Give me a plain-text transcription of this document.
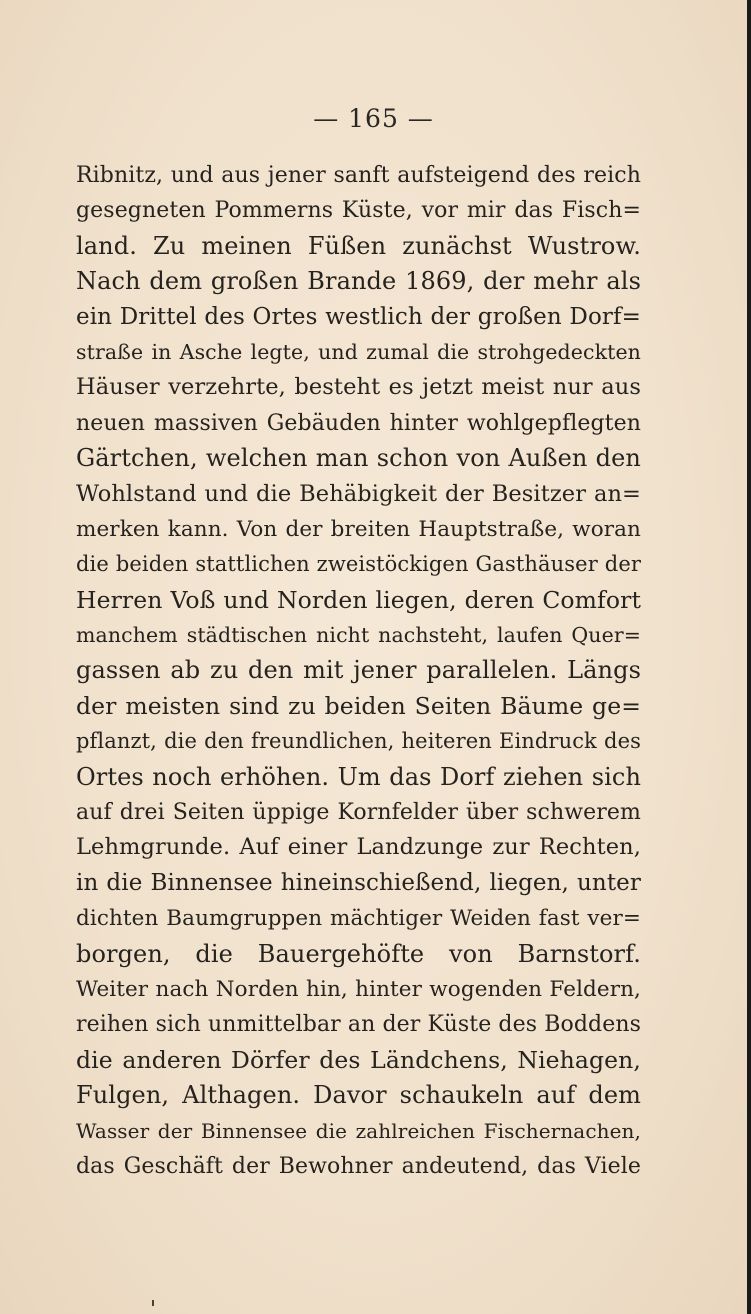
— 165 —
Ribnitz, und aus jener sanft aufsteigend des reich
gesegneten Pommerns Küste, vor mir das Fisch=
land. Zu meinen Füßen zunächst Wustrow.
Nach dem großen Brande 1869, der mehr als
ein Drittel des Ortes westlich der großen Dorf=
straße in Asche legte, und zumal die strohgedeckten
Häuser verzehrte, besteht es jetzt meist nur aus
neuen massiven Gebäuden hinter wohlgepflegten
Gärtchen, welchen man schon von Außen den
Wohlstand und die Behäbigkeit der Besitzer an=
merken kann. Von der breiten Hauptstraße, woran
die beiden stattlichen zweistöckigen Gasthäuser der
Herren Voß und Norden liegen, deren Comfort
manchem städtischen nicht nachsteht, laufen Quer=
gassen ab zu den mit jener parallelen. Längs
der meisten sind zu beiden Seiten Bäume ge=
pflanzt, die den freundlichen, heiteren Eindruck des
Ortes noch erhöhen. Um das Dorf ziehen sich
auf drei Seiten üppige Kornfelder über schwerem
Lehmgrunde. Auf einer Landzunge zur Rechten,
in die Binnensee hineinschießend, liegen, unter
dichten Baumgruppen mächtiger Weiden fast ver=
borgen, die Bauergehöfte von Barnstorf.
Weiter nach Norden hin, hinter wogenden Feldern,
reihen sich unmittelbar an der Küste des Boddens
die anderen Dörfer des Ländchens, Niehagen,
Fulgen, Althagen. Davor schaukeln auf dem
Wasser der Binnensee die zahlreichen Fischernachen,
das Geschäft der Bewohner andeutend, das Viele
